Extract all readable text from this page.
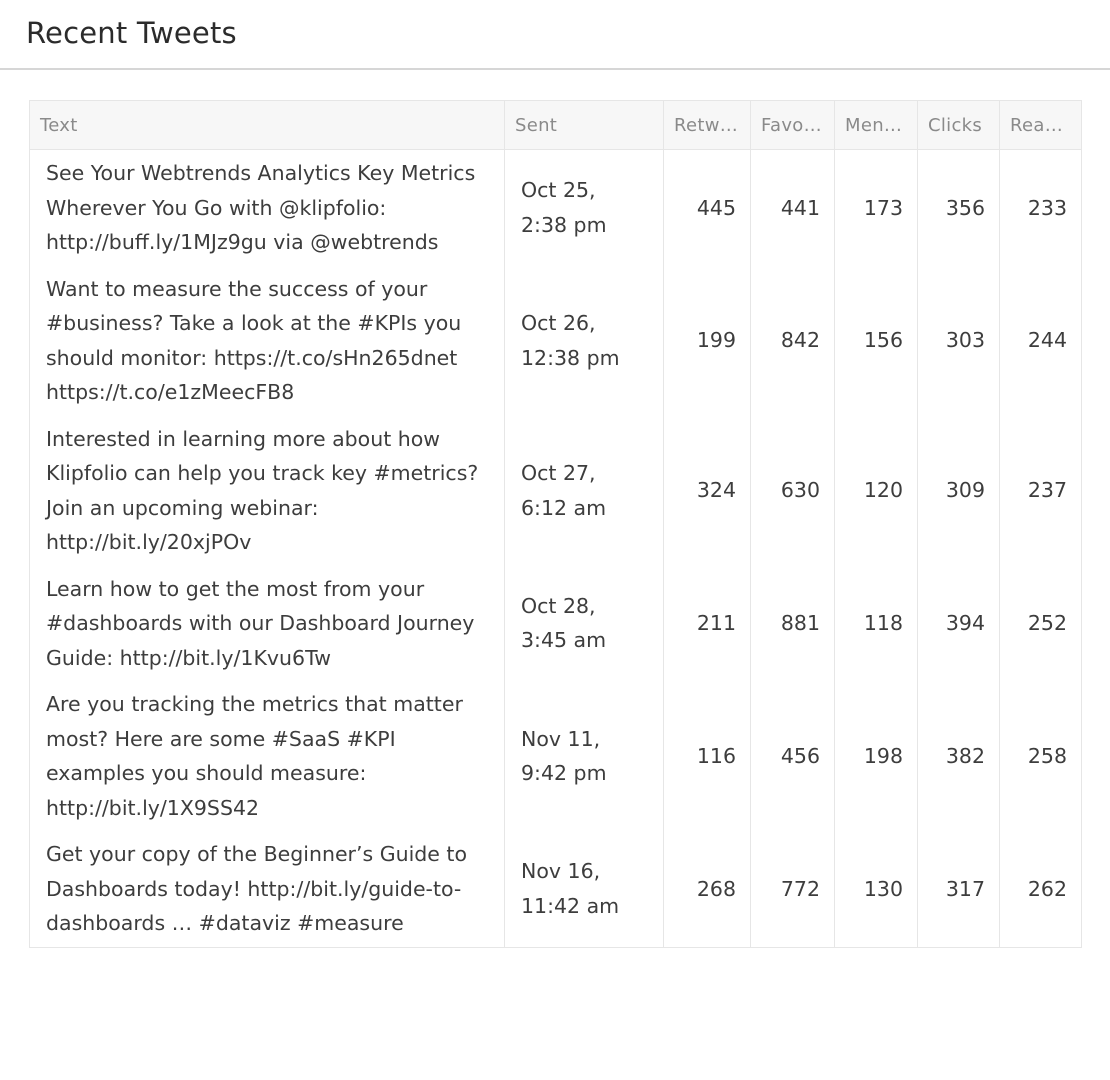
Recent Tweets
Text	Sent	Retw…	Favo…	Men…	Clicks	Rea…
See Your Webtrends Analytics Key Metrics Wherever You Go with @klipfolio: http://buff.ly/1MJz9gu via @webtrends	Oct 25, 2:38 pm	445	441	173	356	233
Want to measure the success of your #business? Take a look at the #KPIs you should monitor: https://t.co/sHn265dnet https://t.co/e1zMeecFB8	Oct 26, 12:38 pm	199	842	156	303	244
Interested in learning more about how Klipfolio can help you track key #metrics? Join an upcoming webinar: http://bit.ly/20xjPOv	Oct 27, 6:12 am	324	630	120	309	237
Learn how to get the most from your #dashboards with our Dashboard Journey Guide: http://bit.ly/1Kvu6Tw	Oct 28, 3:45 am	211	881	118	394	252
Are you tracking the metrics that matter most? Here are some #SaaS #KPI examples you should measure: http://bit.ly/1X9SS42	Nov 11, 9:42 pm	116	456	198	382	258
Get your copy of the Beginner’s Guide to Dashboards today! http://bit.ly/guide-to-dashboards … #dataviz #measure	Nov 16, 11:42 am	268	772	130	317	262
